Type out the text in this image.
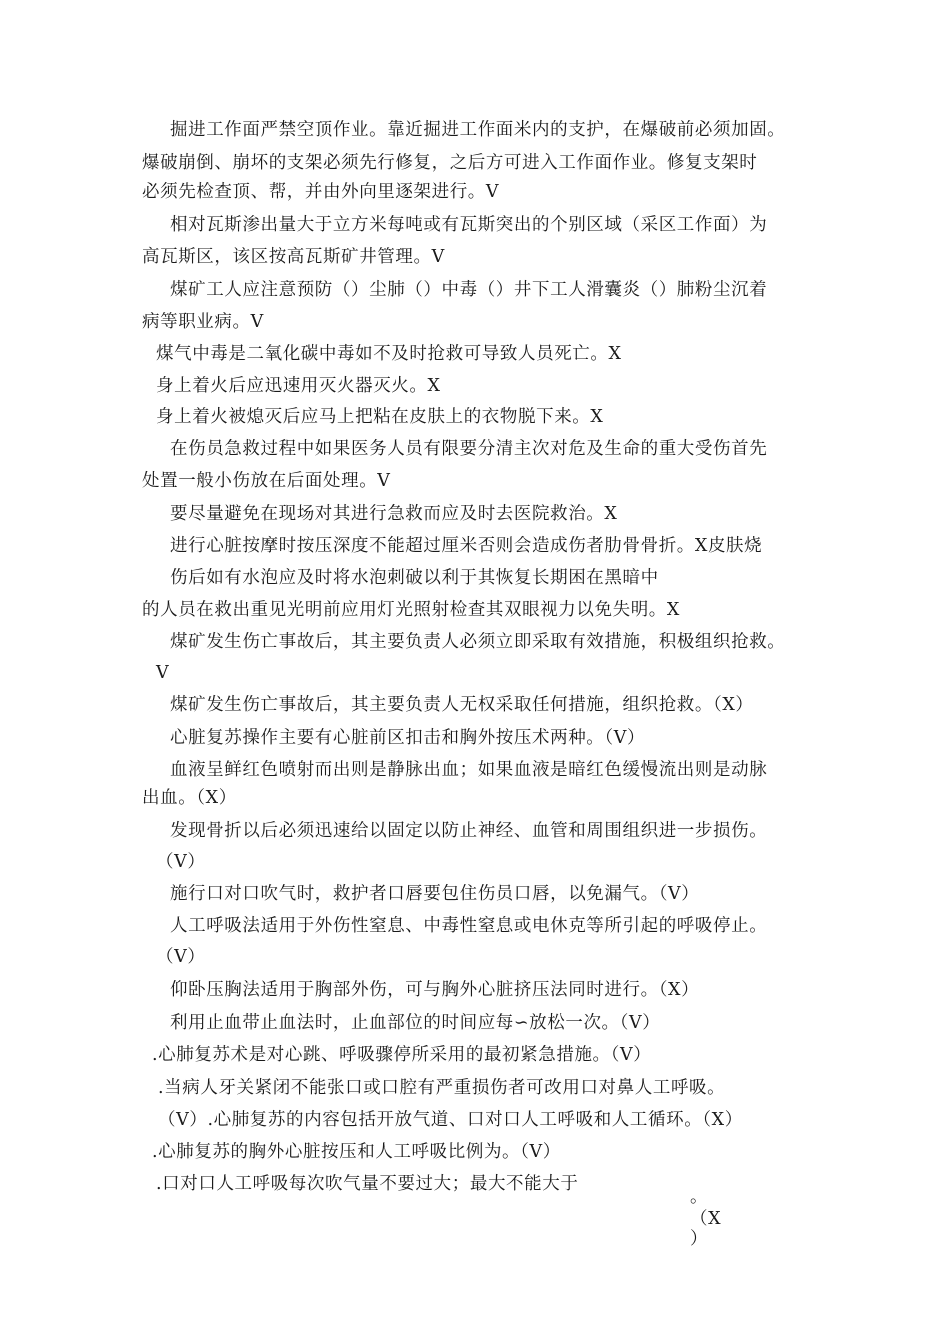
掘进工作面严禁空顶作业。靠近掘进工作面米内的支护，在爆破前必须加固。
爆破崩倒、崩坏的支架必须先行修复，之后方可进入工作面作业。修复支架时
必须先检查顶、帮，并由外向里逐架进行。V
相对瓦斯渗出量大于立方米每吨或有瓦斯突出的个别区域（采区工作面）为
高瓦斯区，该区按高瓦斯矿井管理。V
煤矿工人应注意预防（）尘肺（）中毒（）井下工人滑囊炎（）肺粉尘沉着
病等职业病。V
煤气中毒是二氧化碳中毒如不及时抢救可导致人员死亡。X
身上着火后应迅速用灭火器灭火。X
身上着火被熄灭后应马上把粘在皮肤上的衣物脱下来。X
在伤员急救过程中如果医务人员有限要分清主次对危及生命的重大受伤首先
处置一般小伤放在后面处理。V
要尽量避免在现场对其进行急救而应及时去医院救治。X
进行心脏按摩时按压深度不能超过厘米否则会造成伤者肋骨骨折。X皮肤烧
伤后如有水泡应及时将水泡刺破以利于其恢复长期困在黑暗中
的人员在救出重见光明前应用灯光照射检查其双眼视力以免失明。X
煤矿发生伤亡事故后，其主要负责人必须立即采取有效措施，积极组织抢救。
V
煤矿发生伤亡事故后，其主要负责人无权采取任何措施，组织抢救。（X）
心脏复苏操作主要有心脏前区扣击和胸外按压术两种。（V）
血液呈鲜红色喷射而出则是静脉出血；如果血液是暗红色缓慢流出则是动脉
出血。（X）
发现骨折以后必须迅速给以固定以防止神经、血管和周围组织进一步损伤。
（V）
施行口对口吹气时，救护者口唇要包住伤员口唇，以免漏气。（V）
人工呼吸法适用于外伤性窒息、中毒性窒息或电休克等所引起的呼吸停止。
（V）
仰卧压胸法适用于胸部外伤，可与胸外心脏挤压法同时进行。（X）
利用止血带止血法时，止血部位的时间应每∽放松一次。（V）
.心肺复苏术是对心跳、呼吸骤停所采用的最初紧急措施。（V）
.当病人牙关紧闭不能张口或口腔有严重损伤者可改用口对鼻人工呼吸。
（V）.心肺复苏的内容包括开放气道、口对口人工呼吸和人工循环。（X）
.心肺复苏的胸外心脏按压和人工呼吸比例为。（V）
.口对口人工呼吸每次吹气量不要过大；最大不能大于
。
（X
）
